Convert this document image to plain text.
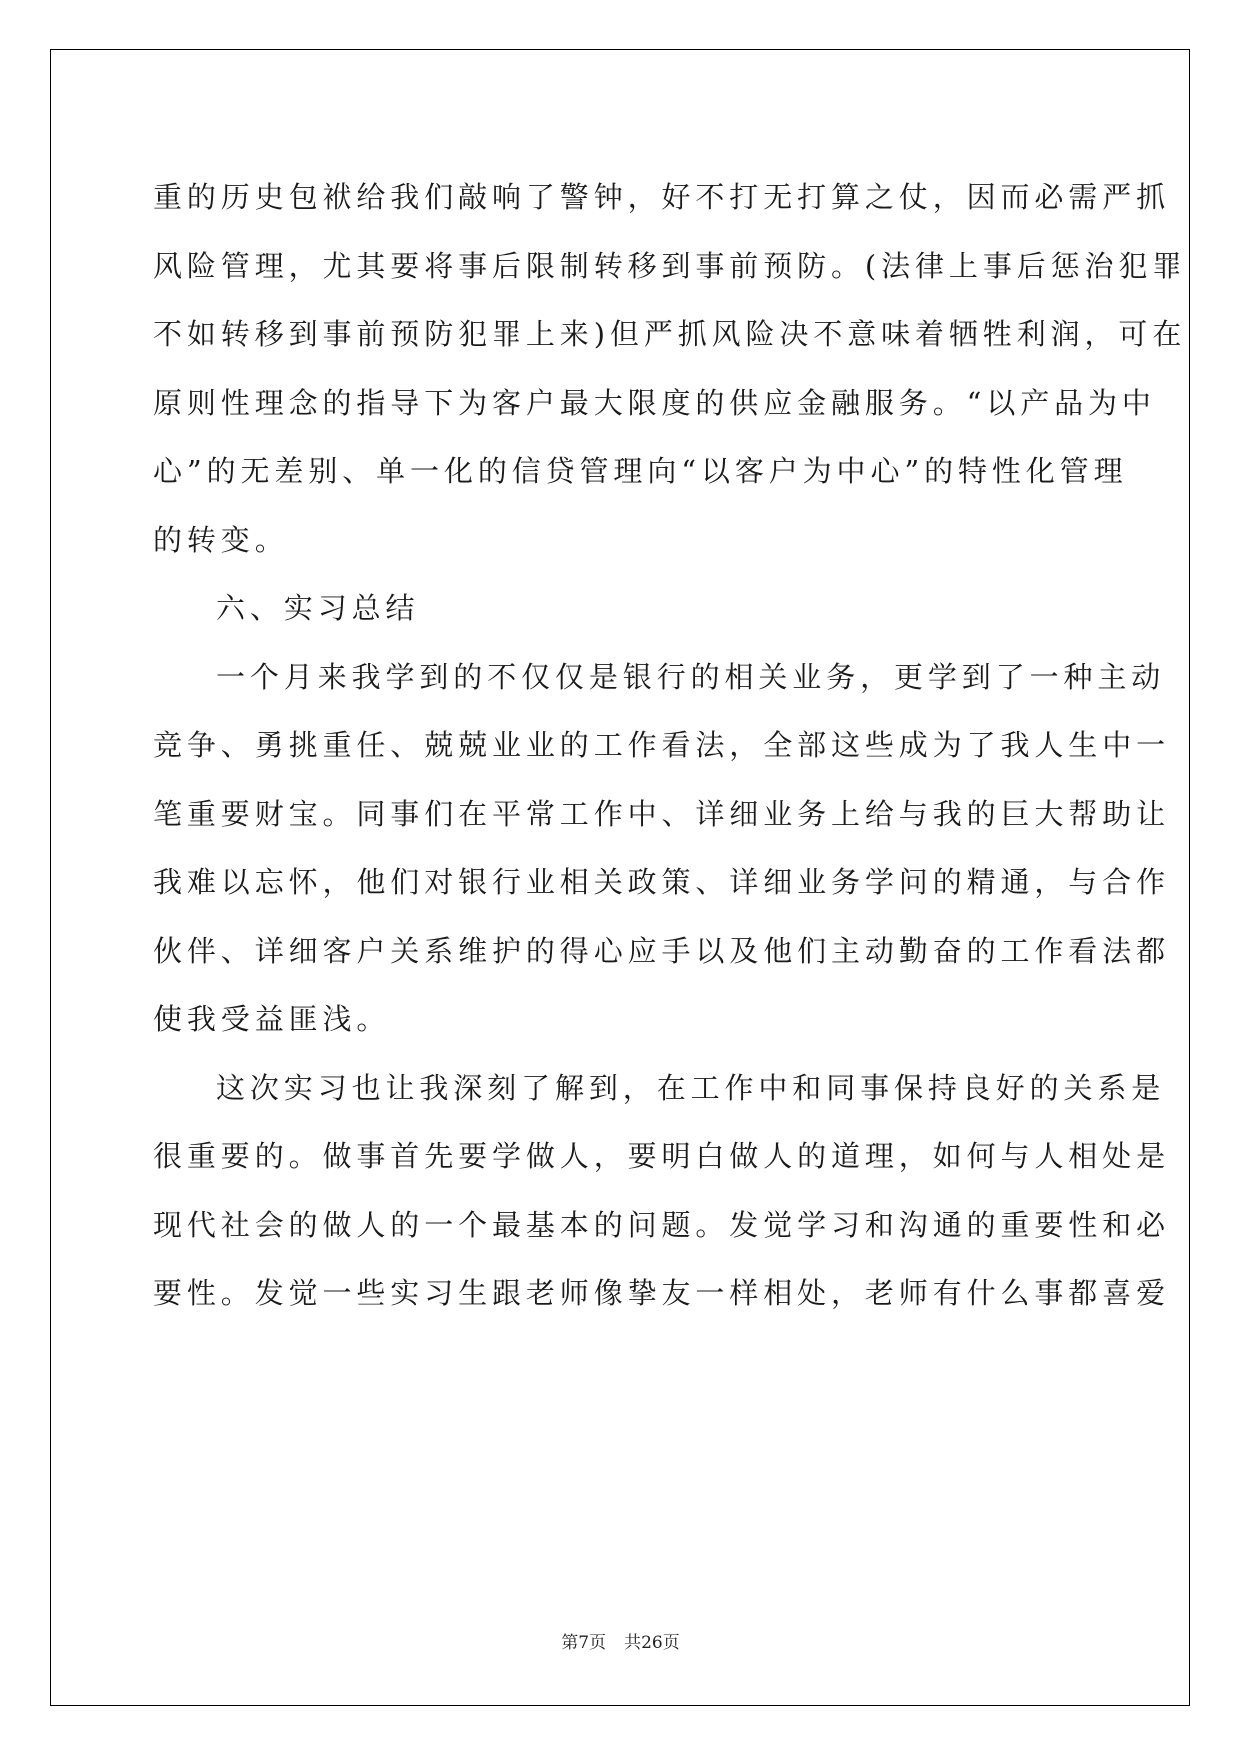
重的历史包袱给我们敲响了警钟，好不打无打算之仗，因而必需严抓
风险管理，尤其要将事后限制转移到事前预防。(法律上事后惩治犯罪
不如转移到事前预防犯罪上来)但严抓风险决不意味着牺牲利润，可在
原则性理念的指导下为客户最大限度的供应金融服务。“以产品为中
心”的无差别、单一化的信贷管理向“以客户为中心”的特性化管理
的转变。
六、实习总结
一个月来我学到的不仅仅是银行的相关业务，更学到了一种主动
竞争、勇挑重任、兢兢业业的工作看法，全部这些成为了我人生中一
笔重要财宝。同事们在平常工作中、详细业务上给与我的巨大帮助让
我难以忘怀，他们对银行业相关政策、详细业务学问的精通，与合作
伙伴、详细客户关系维护的得心应手以及他们主动勤奋的工作看法都
使我受益匪浅。
这次实习也让我深刻了解到，在工作中和同事保持良好的关系是
很重要的。做事首先要学做人，要明白做人的道理，如何与人相处是
现代社会的做人的一个最基本的问题。发觉学习和沟通的重要性和必
要性。发觉一些实习生跟老师像挚友一样相处，老师有什么事都喜爱
第7页 共26页
